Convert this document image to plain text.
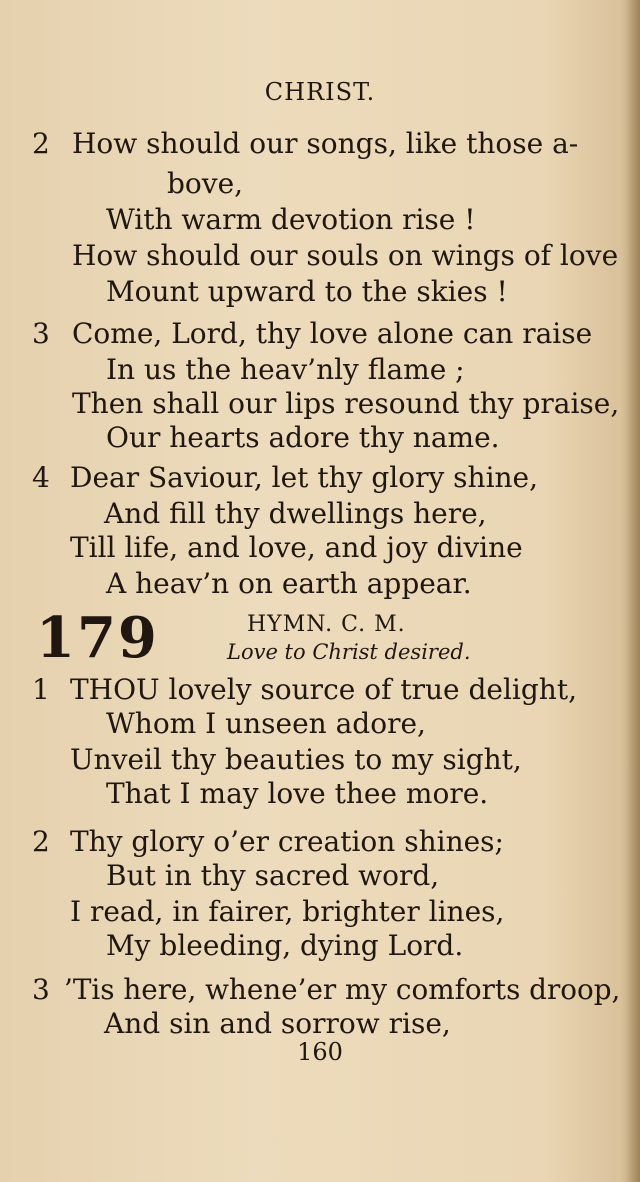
CHRIST.
2 How should our songs, like those a-
bove,
With warm devotion rise !
How should our souls on wings of love
Mount upward to the skies !
3 Come, Lord, thy love alone can raise
In us the heav’nly flame ;
Then shall our lips resound thy praise,
Our hearts adore thy name.
4 Dear Saviour, let thy glory shine,
And fill thy dwellings here,
Till life, and love, and joy divine
A heav’n on earth appear.
179	HYMN. C. M.
Love to Christ desired.
1 THOU lovely source of true delight,
Whom I unseen adore,
Unveil thy beauties to my sight,
That I may love thee more.
2 Thy glory o’er creation shines;
But in thy sacred word,
I read, in fairer, brighter lines,
My bleeding, dying Lord.
3 ’Tis here, whene’er my comforts droop,
And sin and sorrow rise,
160
